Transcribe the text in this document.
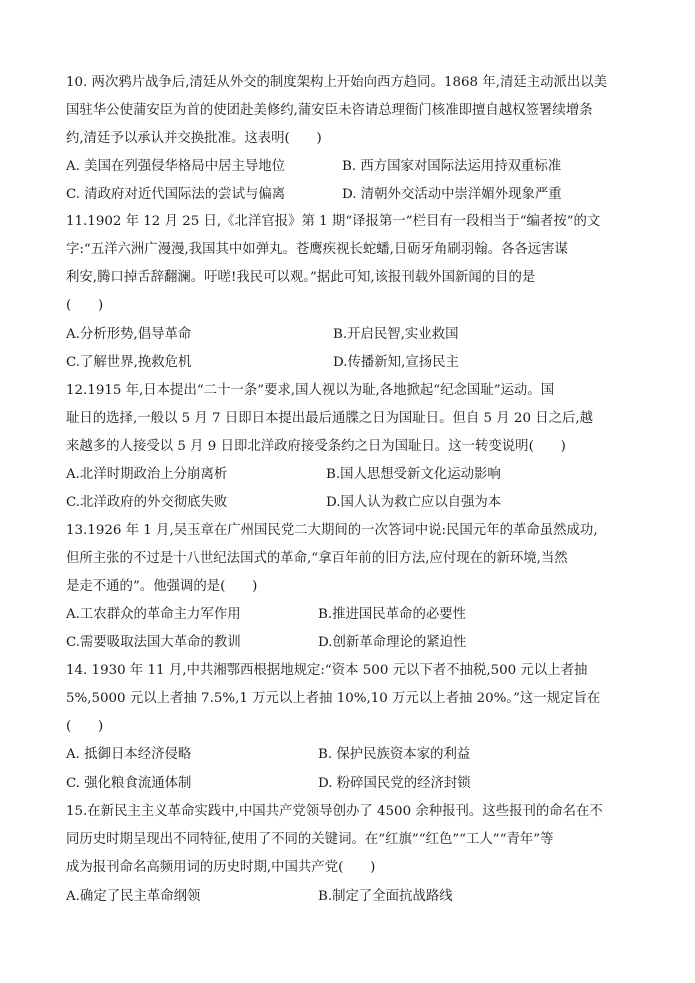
10. 两次鸦片战争后,清廷从外交的制度架构上开始向西方趋同。1868 年,清廷主动派出以美
国驻华公使蒲安臣为首的使团赴美修约,蒲安臣未咨请总理衙门核准即擅自越权签署续增条
约,清廷予以承认并交换批准。这表明(　　)
A. 美国在列强侵华格局中居主导地位	B. 西方国家对国际法运用持双重标准
C. 清政府对近代国际法的尝试与偏离	D. 清朝外交活动中崇洋媚外现象严重
11.1902 年 12 月 25 日,《北洋官报》第 1 期“译报第一”栏目有一段相当于“编者按”的文
字:“五洋六洲广漫漫,我国其中如弹丸。苍鹰疾视长蛇蟠,日砺牙角刷羽翰。各各远害谋
利安,腾口掉舌辞翻澜。吁嗟!我民可以观。”据此可知,该报刊载外国新闻的目的是
(　　)
A.分析形势,倡导革命	B.开启民智,实业救国
C.了解世界,挽救危机	D.传播新知,宣扬民主
12.1915 年,日本提出“二十一条”要求,国人视以为耻,各地掀起“纪念国耻”运动。国
耻日的选择,一般以 5 月 7 日即日本提出最后通牒之日为国耻日。但自 5 月 20 日之后,越
来越多的人接受以 5 月 9 日即北洋政府接受条约之日为国耻日。这一转变说明(　　)
A.北洋时期政治上分崩离析	B.国人思想受新文化运动影响
C.北洋政府的外交彻底失败	D.国人认为救亡应以自强为本
13.1926 年 1 月,吴玉章在广州国民党二大期间的一次答词中说:民国元年的革命虽然成功,
但所主张的不过是十八世纪法国式的革命,“拿百年前的旧方法,应付现在的新环境,当然
是走不通的”。他强调的是(　　)
A.工农群众的革命主力军作用	B.推进国民革命的必要性
C.需要吸取法国大革命的教训	D.创新革命理论的紧迫性
14. 1930 年 11 月,中共湘鄂西根据地规定:“资本 500 元以下者不抽税,500 元以上者抽
5%,5000 元以上者抽 7.5%,1 万元以上者抽 10%,10 万元以上者抽 20%。”这一规定旨在
(　　)
A. 抵御日本经济侵略	B. 保护民族资本家的利益
C. 强化粮食流通体制	D. 粉碎国民党的经济封锁
15.在新民主主义革命实践中,中国共产党领导创办了 4500 余种报刊。这些报刊的命名在不
同历史时期呈现出不同特征,使用了不同的关键词。在“红旗”“红色”“工人”“青年”等
成为报刊命名高频用词的历史时期,中国共产党(　　)
A.确定了民主革命纲领	B.制定了全面抗战路线
